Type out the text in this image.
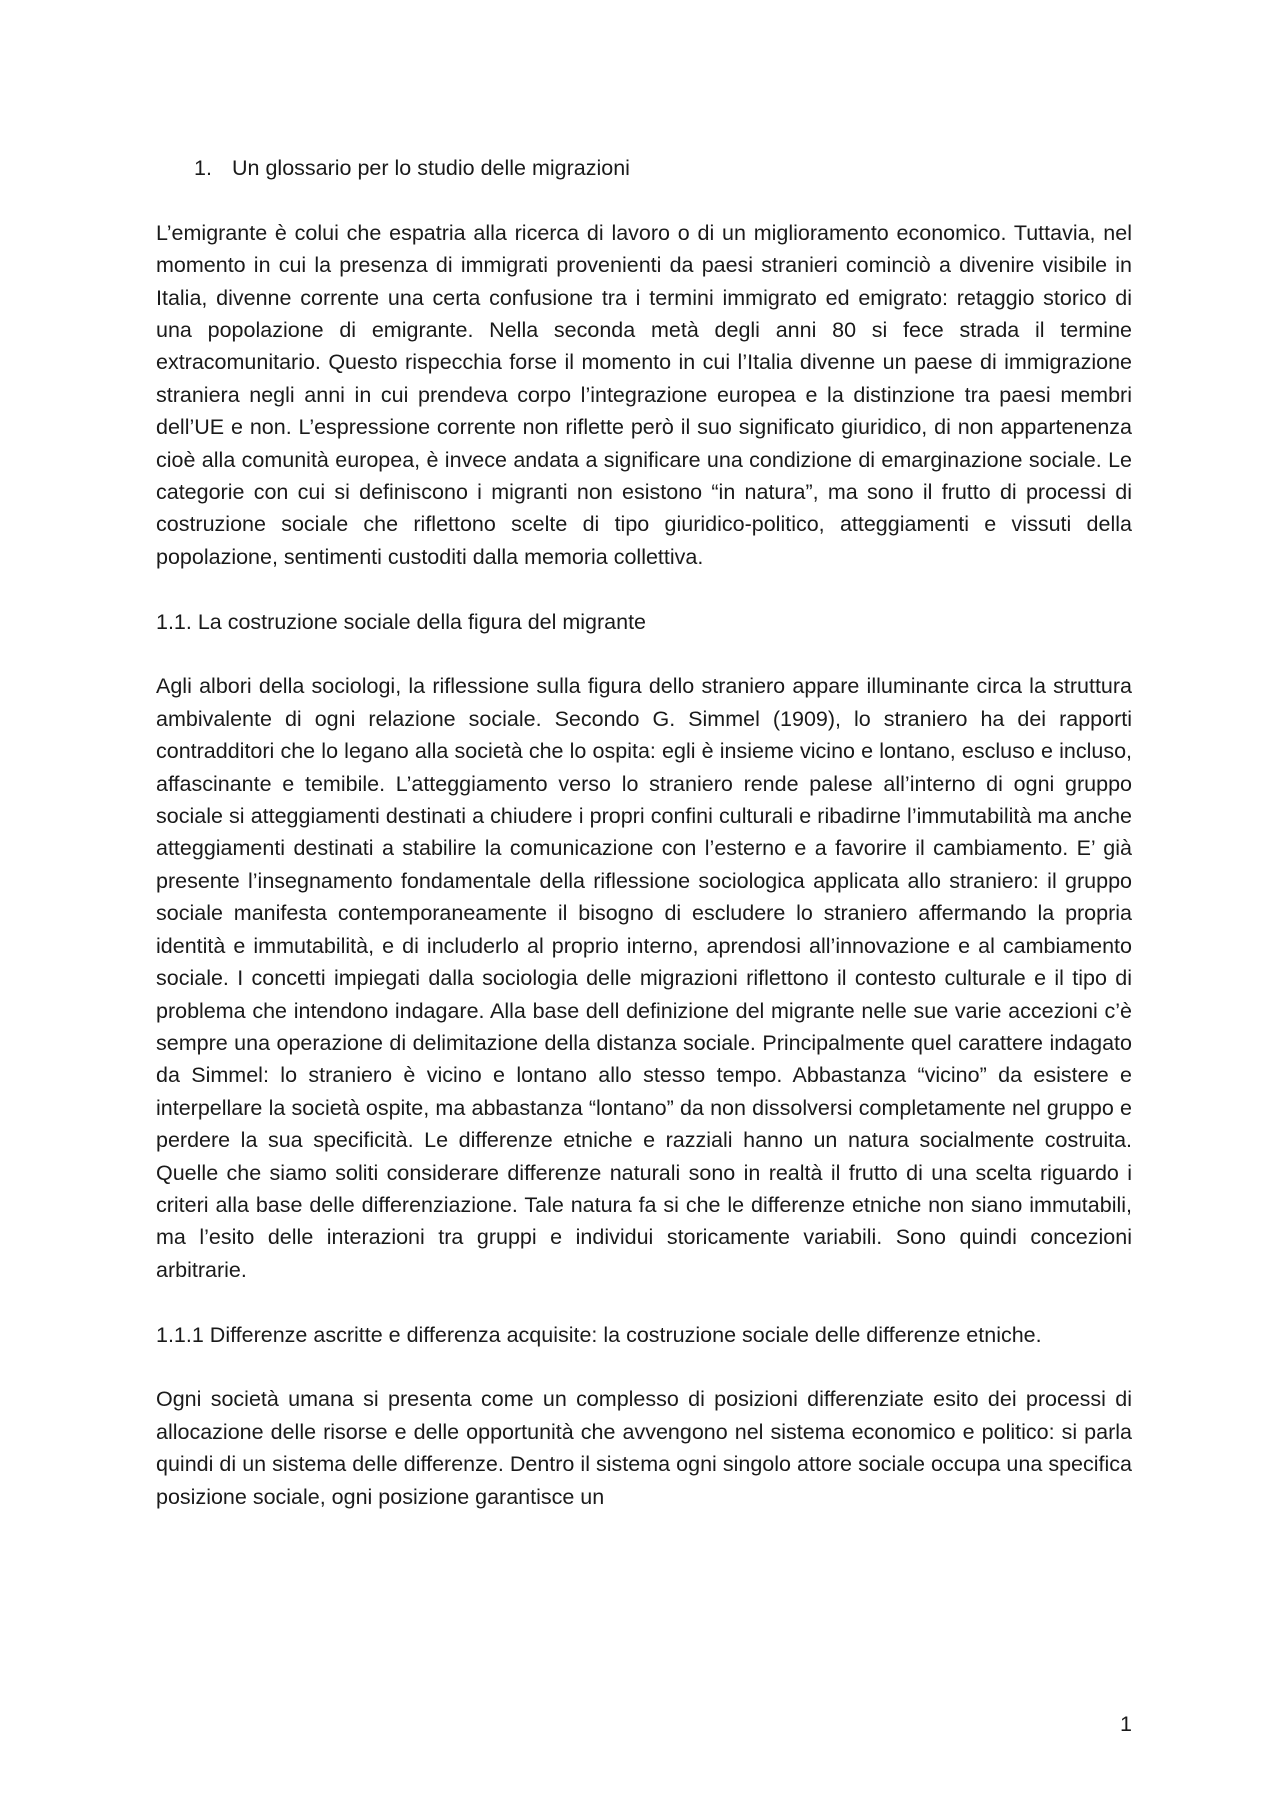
1. Un glossario per lo studio delle migrazioni

L’emigrante è colui che espatria alla ricerca di lavoro o di un miglioramento economico. Tuttavia, nel momento in cui la presenza di immigrati provenienti da paesi stranieri cominciò a divenire visibile in Italia, divenne corrente una certa confusione tra i termini immigrato ed emigrato: retaggio storico di una popolazione di emigrante. Nella seconda metà degli anni 80 si fece strada il termine extracomunitario. Questo rispecchia forse il momento in cui l’Italia divenne un paese di immigrazione straniera negli anni in cui prendeva corpo l’integrazione europea e la distinzione tra paesi membri dell’UE e non. L’espressione corrente non riflette però il suo significato giuridico, di non appartenenza cioè alla comunità europea, è invece andata a significare una condizione di emarginazione sociale. Le categorie con cui si definiscono i migranti non esistono “in natura”, ma sono il frutto di processi di costruzione sociale che riflettono scelte di tipo giuridico-politico, atteggiamenti e vissuti della popolazione, sentimenti custoditi dalla memoria collettiva.

1.1. La costruzione sociale della figura del migrante

Agli albori della sociologi, la riflessione sulla figura dello straniero appare illuminante circa la struttura ambivalente di ogni relazione sociale. Secondo G. Simmel (1909), lo straniero ha dei rapporti contradditori che lo legano alla società che lo ospita: egli è insieme vicino e lontano, escluso e incluso, affascinante e temibile. L’atteggiamento verso lo straniero rende palese all’interno di ogni gruppo sociale si atteggiamenti destinati a chiudere i propri confini culturali e ribadirne l’immutabilità ma anche atteggiamenti destinati a stabilire la comunicazione con l’esterno e a favorire il cambiamento. E’ già presente l’insegnamento fondamentale della riflessione sociologica applicata allo straniero: il gruppo sociale manifesta contemporaneamente il bisogno di escludere lo straniero affermando la propria identità e immutabilità, e di includerlo al proprio interno, aprendosi all’innovazione e al cambiamento sociale. I concetti impiegati dalla sociologia delle migrazioni riflettono il contesto culturale e il tipo di problema che intendono indagare. Alla base dell definizione del migrante nelle sue varie accezioni c’è sempre una operazione di delimitazione della distanza sociale. Principalmente quel carattere indagato da Simmel: lo straniero è vicino e lontano allo stesso tempo. Abbastanza “vicino” da esistere e interpellare la società ospite, ma abbastanza “lontano” da non dissolversi completamente nel gruppo e perdere la sua specificità. Le differenze etniche e razziali hanno un natura socialmente costruita. Quelle che siamo soliti considerare differenze naturali sono in realtà il frutto di una scelta riguardo i criteri alla base delle differenziazione. Tale natura fa si che le differenze etniche non siano immutabili, ma l’esito delle interazioni tra gruppi e individui storicamente variabili. Sono quindi concezioni arbitrarie.

1.1.1 Differenze ascritte e differenza acquisite: la costruzione sociale delle differenze etniche.

Ogni società umana si presenta come un complesso di posizioni differenziate esito dei processi di allocazione delle risorse e delle opportunità che avvengono nel sistema economico e politico: si parla quindi di un sistema delle differenze. Dentro il sistema ogni singolo attore sociale occupa una specifica posizione sociale, ogni posizione garantisce un

1
